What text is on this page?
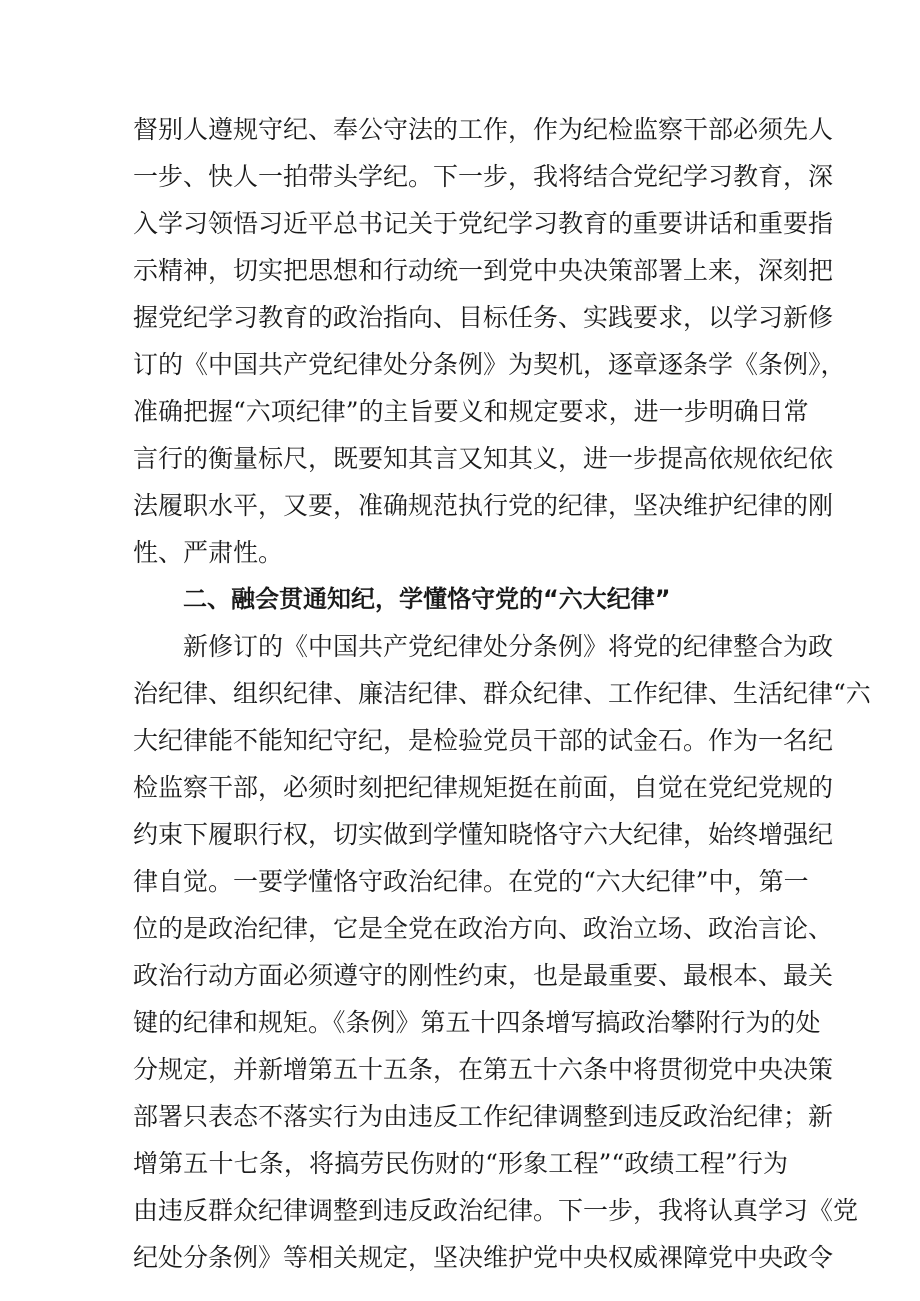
督别人遵规守纪、奉公守法的工作，作为纪检监察干部必须先人
一步、快人一拍带头学纪。下一步，我将结合党纪学习教育，深
入学习领悟习近平总书记关于党纪学习教育的重要讲话和重要指
示精神，切实把思想和行动统一到党中央决策部署上来，深刻把
握党纪学习教育的政治指向、目标任务、实践要求，以学习新修
订的《中国共产党纪律处分条例》为契机，逐章逐条学《条例》，
准确把握“六项纪律”的主旨要义和规定要求，进一步明确日常
言行的衡量标尺，既要知其言又知其义，进一步提高依规依纪依
法履职水平，又要，准确规范执行党的纪律，坚决维护纪律的刚
性、严肃性。
二、融会贯通知纪，学懂恪守党的“六大纪律”
新修订的《中国共产党纪律处分条例》将党的纪律整合为政
治纪律、组织纪律、廉洁纪律、群众纪律、工作纪律、生活纪律“六
大纪律能不能知纪守纪，是检验党员干部的试金石。作为一名纪
检监察干部，必须时刻把纪律规矩挺在前面，自觉在党纪党规的
约束下履职行权，切实做到学懂知晓恪守六大纪律，始终增强纪
律自觉。一要学懂恪守政治纪律。在党的“六大纪律”中，第一
位的是政治纪律，它是全党在政治方向、政治立场、政治言论、
政治行动方面必须遵守的刚性约束，也是最重要、最根本、最关
键的纪律和规矩。《条例》第五十四条增写搞政治攀附行为的处
分规定，并新增第五十五条，在第五十六条中将贯彻党中央决策
部署只表态不落实行为由违反工作纪律调整到违反政治纪律；新
增第五十七条，将搞劳民伤财的“形象工程”“政绩工程”行为
由违反群众纪律调整到违反政治纪律。下一步，我将认真学习《党
纪处分条例》等相关规定，坚决维护党中央权威祼障党中央政令
